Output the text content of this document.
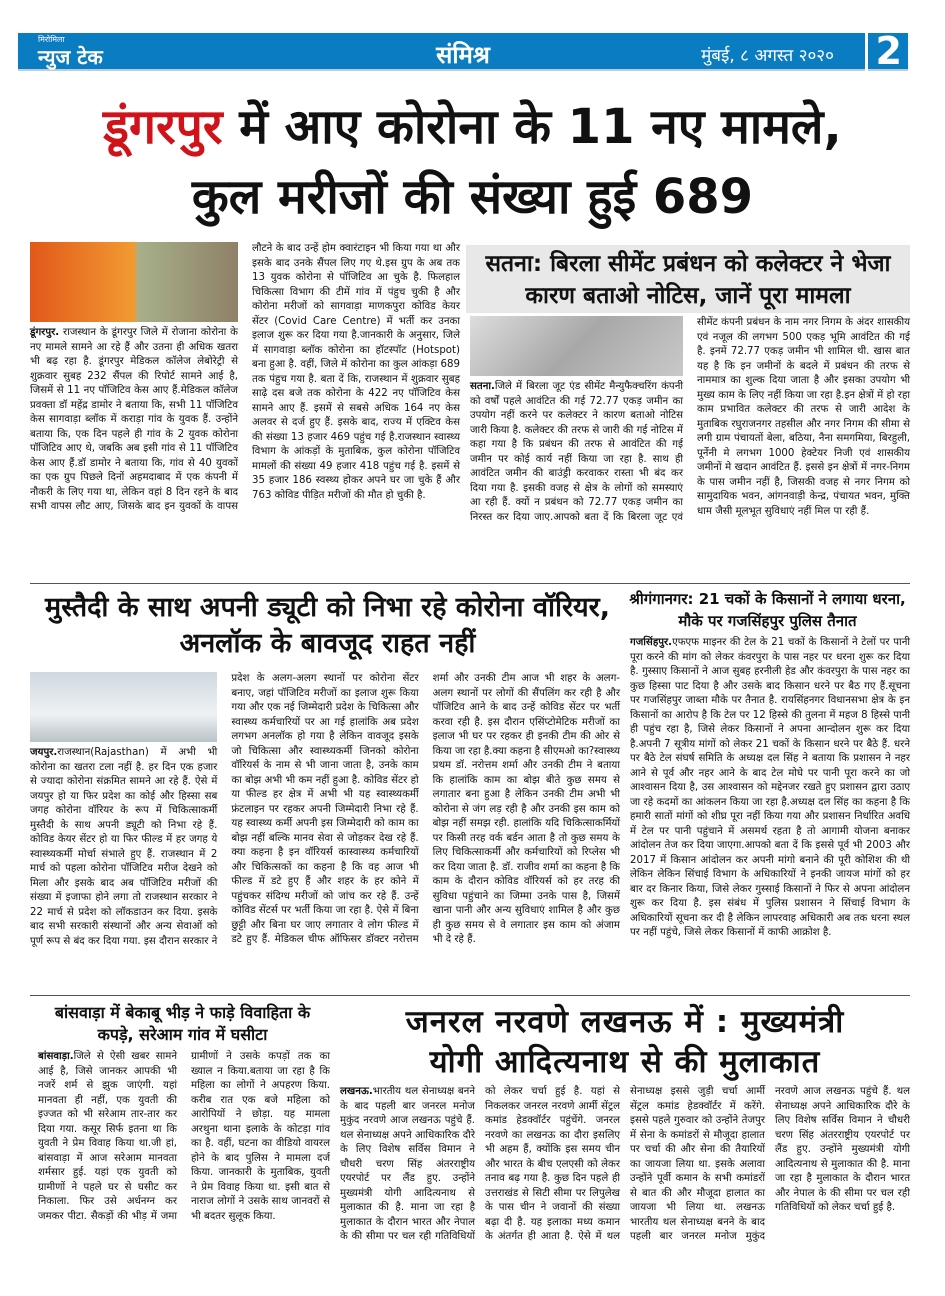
मिरोमिला
न्युज टेक	संमिश्र	मुंबई, ८ अगस्त २०२० 2
डूंगरपुर में आए कोरोना के 11 नए मामले,
कुल मरीजों की संख्या हुई 689
डूंगरपुर. राजस्थान के डूंगरपुर जिले में रोजाना कोरोना के नए मामले सामने आ रहे हैं और उतना ही अधिक खतरा भी बढ़ रहा है. डूंगरपुर मेडिकल कॉलेज लेबोरेट्री से शुक्रवार सुबह 232 सैंपल की रिपोर्ट सामने आई है, जिसमें से 11 नए पॉजिटिव केस आए हैं.मेडिकल कॉलेज प्रवक्ता डॉ महेंद्र डामोर ने बताया कि, सभी 11 पॉजिटिव केस सागवाड़ा ब्लॉक में कराड़ा गांव के युवक हैं. उन्होंने बताया कि, एक दिन पहले ही गांव के 2 युवक कोरोना पॉजिटिव आए थे, जबकि अब इसी गांव से 11 पॉजिटिव केस आए हैं.डॉ डामोर ने बताया कि, गांव से 40 युवकों का एक ग्रुप पिछले दिनों अहमदाबाद में एक कंपनी में नौकरी के लिए गया था, लेकिन वहां 8 दिन रहने के बाद सभी वापस लौट आए, जिसके बाद इन युवकों के वापस लौटने के बाद उन्हें होम क्वारंटाइन भी किया गया था और इसके बाद उनके सैंपल लिए गए थे.इस ग्रुप के अब तक 13 युवक कोरोना से पॉजिटिव आ चुके है. फिलहाल चिकित्सा विभाग की टीमें गांव में पंहुच चुकी है और कोरोना मरीजों को सागवाड़ा माणकपुरा कोविड केयर सेंटर (Covid Care Centre) में भर्ती कर उनका इलाज शुरू कर दिया गया है.जानकारी के अनुसार, जिले में सागवाड़ा ब्लॉक कोरोना का हॉटस्पॉट (Hotspot) बना हुआ है. वहीं, जिले में कोरोना का कुल आंकड़ा 689 तक पंहुच गया है. बता दें कि, राजस्थान में शुक्रवार सुबह साढ़े दस बजे तक कोरोना के 422 नए पॉजिटिव केस सामने आए हैं. इसमें से सबसे अधिक 164 नए केस अलवर से दर्ज हुए हैं. इसके बाद, राज्य में एक्टिव केस की संख्या 13 हजार 469 पहुंच गई है.राजस्थान स्वास्थ्य विभाग के आंकड़ों के मुताबिक, कुल कोरोना पॉजिटिव मामलों की संख्या 49 हजार 418 पहुंच गई है. इसमें से 35 हजार 186 स्वस्थ्य होकर अपने घर जा चुके हैं और 763 कोविड पीड़ित मरीजों की मौत हो चुकी है.
सतना: बिरला सीमेंट प्रबंधन को कलेक्टर ने भेजा कारण बताओ नोटिस, जानें पूरा मामला
सतना.जिले में बिरला जूट एंड सीमेंट मैन्युफैक्चरिंग कंपनी को वर्षों पहले आवंटित की गई 72.77 एकड़ जमीन का उपयोग नहीं करने पर कलेक्टर ने कारण बताओ नोटिस जारी किया है. कलेक्टर की तरफ से जारी की गई नोटिस में कहा गया है कि प्रबंधन की तरफ से आवंटित की गई जमीन पर कोई कार्य नहीं किया जा रहा है. साथ ही आवंटित जमीन की बाउंड्री करवाकर रास्ता भी बंद कर दिया गया है. इसकी वजह से क्षेत्र के लोगों को समस्याएं आ रही हैं. क्यों न प्रबंधन को 72.77 एकड़ जमीन का निरस्त कर दिया जाए.आपको बता दें कि बिरला जूट एवं सीमेंट कंपनी प्रबंधन के नाम नगर निगम के अंदर शासकीय एवं नजूल की लगभग 500 एकड़ भूमि आवंटित की गई है. इनमें 72.77 एकड़ जमीन भी शामिल थी. खास बात यह है कि इन जमीनों के बदले में प्रबंधन की तरफ से नाममात्र का शुल्क दिया जाता है और इसका उपयोग भी मुख्य काम के लिए नहीं किया जा रहा है.इन क्षेत्रों में हो रहा काम प्रभावित कलेक्टर की तरफ से जारी आदेश के मुताबिक रघुराजनगर तहसील और नगर निगम की सीमा से लगी ग्राम पंचायतों बेला, बठिया, नैना समगमिया, बिरहुली, पूर्नेनी मे लगभग 1000 हेक्टेयर निजी एवं शासकीय जमीनों मे खदान आवंटित हैं. इससे इन क्षेत्रों में नगर-निगम के पास जमीन नहीं है, जिसकी वजह से नगर निगम को सामुदायिक भवन, आंगनवाड़ी केन्द्र, पंचायत भवन, मुक्ति धाम जैसी मूलभूत सुविधाएं नहीं मिल पा रही हैं.
मुस्तैदी के साथ अपनी ड्यूटी को निभा रहे कोरोना वॉरियर, अनलॉक के बावजूद राहत नहीं
जयपुर.राजस्थान(Rajasthan) में अभी भी कोरोना का खतरा टला नहीं है. हर दिन एक हजार से ज्यादा कोरोना संक्रमित सामने आ रहे हैं. ऐसे में जयपुर हो या फिर प्रदेश का कोई और हिस्सा सब जगह कोरोना वॉरियर के रूप में चिकित्साकर्मी मुस्तैदी के साथ अपनी ड्यूटी को निभा रहे हैं. कोविड केयर सेंटर हो या फिर फील्ड में हर जगह ये स्वास्थ्यकर्मी मोर्चा संभाले हुए हैं. राजस्थान में 2 मार्च को पहला कोरोना पॉजिटिव मरीज देखने को मिला और इसके बाद अब पॉजिटिव मरीजों की संख्या में इजाफा होने लगा तो राजस्थान सरकार ने 22 मार्च से प्रदेश को लॉकडाउन कर दिया. इसके बाद सभी सरकारी संस्थानों और अन्य सेवाओं को पूर्ण रूप से बंद कर दिया गया. इस दौरान सरकार ने प्रदेश के अलग-अलग स्थानों पर कोरोना सेंटर बनाए, जहां पॉजिटिव मरीजों का इलाज शुरू किया गया और एक नई जिम्मेदारी प्रदेश के चिकित्सा और स्वास्थ्य कर्मचारियों पर आ गई हालांकि अब प्रदेश लगभग अनलॉक हो गया है लेकिन वावजूद इसके जो चिकित्सा और स्वास्थ्यकर्मी जिनको कोरोना वॉरियर्स के नाम से भी जाना जाता है, उनके काम का बोझ अभी भी कम नहीं हुआ है. कोविड सेंटर हो या फील्ड हर क्षेत्र में अभी भी यह स्वास्थ्यकर्मी फ्रंटलाइन पर रहकर अपनी जिम्मेदारी निभा रहे हैं. यह स्वास्थ्य कर्मी अपनी इस जिम्मेदारी को काम का बोझ नहीं बल्कि मानव सेवा से जोड़कर देख रहे हैं. क्या कहना है इन वॉरियर्स कास्वास्थ्य कर्मचारियों और चिकित्सकों का कहना है कि वह आज भी फील्ड में डटे हुए हैं और शहर के हर कोने में पहुंचकर संदिग्ध मरीजों को जांच कर रहे हैं. उन्हें कोविड सेंटर्स पर भर्ती किया जा रहा है. ऐसे में बिना छुट्टी और बिना घर जाए लगातार वे लोग फील्ड में डटे हुए हैं. मेडिकल चीफ ऑफिसर डॉक्टर नरोत्तम शर्मा और उनकी टीम आज भी शहर के अलग-अलग स्थानों पर लोगों की सैंपलिंग कर रही है और पॉजिटिव आने के बाद उन्हें कोविड सेंटर पर भर्ती करवा रही है. इस दौरान एसिंप्टोमेटिक मरीजों का इलाज भी घर पर रहकर ही इनकी टीम की ओर से किया जा रहा है.क्या कहना है सीएमओ का?स्वास्थ्य प्रथम डॉ. नरोत्तम शर्मा और उनकी टीम ने बताया कि हालांकि काम का बोझ बीते कुछ समय से लगातार बना हुआ है लेकिन उनकी टीम अभी भी कोरोना से जंग लड़ रही है और उनकी इस काम को बोझ नहीं समझ रही. हालांकि यदि चिकित्साकर्मियों पर किसी तरह वर्क बर्डन आता है तो कुछ समय के लिए चिकित्साकर्मी और कर्मचारियों को रिप्लेस भी कर दिया जाता है. डॉ. राजीव शर्मा का कहना है कि काम के दौरान कोविड वॉरियर्स को हर तरह की सुविधा पहुंचाने का जिम्मा उनके पास है, जिसमें खाना पानी और अन्य सुविधाएं शामिल है और कुछ ही कुछ समय से वे लगातार इस काम को अंजाम भी दे रहे हैं.
श्रीगंगानगर: 21 चकों के किसानों ने लगाया धरना, मौके पर गजसिंहपुर पुलिस तैनात
गजसिंहपुर.एफएफ माइनर की टेल के 21 चकों के किसानों ने टेलों पर पानी पूरा करने की मांग को लेकर कंवरपुरा के पास नहर पर धरना शुरू कर दिया है. गुस्साए किसानों ने आज सुबह हरनीली हेड और कंवरपुरा के पास नहर का कुछ हिस्सा पाट दिया है और उसके बाद किसान धरने पर बैठ गए हैं.सूचना पर गजसिंहपुर जाब्ता मौके पर तैनात है. रायसिंहनगर विधानसभा क्षेत्र के इन किसानों का आरोप है कि टेल पर 12 हिस्से की तुलना में महज 8 हिस्से पानी ही पहुंच रहा है, जिसे लेकर किसानों ने अपना आन्दोलन शुरू कर दिया है.अपनी 7 सूत्रीय मांगों को लेकर 21 चकों के किसान धरने पर बैठे हैं. धरने पर बैठे टेल संघर्ष समिति के अध्यक्ष दल सिंह ने बताया कि प्रशासन ने नहर आने से पूर्व और नहर आने के बाद टेल मोघे पर पानी पूरा करने का जो आश्वासन दिया है, उस आश्वासन को मद्देनजर रखते हुए प्रशासन द्वारा उठाए जा रहे कदमों का आंकलन किया जा रहा है.अध्यक्ष दल सिंह का कहना है कि हमारी सातों मांगों को शीघ्र पूरा नहीं किया गया और प्रशासन निर्धारित अवधि में टेल पर पानी पहुंचाने में असमर्थ रहता है तो आगामी योजना बनाकर आंदोलन तेज कर दिया जाएगा.आपको बता दें कि इससे पूर्व भी 2003 और 2017 में किसान आंदोलन कर अपनी मांगो बनाने की पूरी कोशिश की थी लेकिन लेकिन सिंचाई विभाग के अधिकारियों ने इनकी जायज मांगों को हर बार दर किनार किया, जिसे लेकर गुस्साई किसानों ने फिर से अपना आंदोलन शुरू कर दिया है. इस संबंध में पुलिस प्रशासन ने सिंचाई विभाग के अधिकारियों सूचना कर दी है लेकिन लापरवाह अधिकारी अब तक धरना स्थल पर नहीं पहुंचे, जिसे लेकर किसानों में काफी आक्रोश है.
बांसवाड़ा में बेकाबू भीड़ ने फाड़े विवाहिता के कपड़े, सरेआम गांव में घसीटा
बांसवाड़ा.जिले से ऐसी खबर सामने आई है, जिसे जानकर आपकी भी नजरें शर्म से झुक जाएंगी. यहां मानवता ही नहीं, एक युवती की इज्जत को भी सरेआम तार-तार कर दिया गया. कसूर सिर्फ इतना था कि युवती ने प्रेम विवाह किया था.जी हां, बांसवाड़ा में आज सरेआम मानवता शर्मसार हुई. यहां एक युवती को ग्रामीणों ने पहले घर से घसीट कर निकाला. फिर उसे अर्धनग्न कर जमकर पीटा. सैकड़ों की भीड़ में जमा ग्रामीणों ने उसके कपड़ों तक का ख्याल न किया.बताया जा रहा है कि महिला का लोगों ने अपहरण किया. करीब रात एक बजे महिला को आरोपियों ने छोड़ा. यह मामला अरथुना थाना इलाके के कोटड़ा गांव का है. वहीं, घटना का वीडियो वायरल होने के बाद पुलिस ने मामला दर्ज किया. जानकारी के मुताबिक, युवती ने प्रेम विवाह किया था. इसी बात से नाराज लोगों ने उसके साथ जानवरों से भी बदतर सुलूक किया.
जनरल नरवणे लखनऊ में : मुख्यमंत्री
योगी आदित्यनाथ से की मुलाकात
लखनऊ.भारतीय थल सेनाध्यक्ष बनने के बाद पहली बार जनरल मनोज मुकुंद नरवणे आज लखनऊ पहुंचे हैं. थल सेनाध्यक्ष अपने आधिकारिक दौरे के लिए विशेष सर्विस विमान ने चौधरी चरण सिंह अंतरराष्ट्रीय एयरपोर्ट पर लैंड हुए. उन्होंने मुख्यमंत्री योगी आदित्यनाथ से मुलाकात की है. माना जा रहा है मुलाकात के दौरान भारत और नेपाल के की सीमा पर चल रही गतिविधियों को लेकर चर्चा हुई है. यहां से निकलकर जनरल नरवणे आर्मी सेंट्रल कमांड हेडक्वॉर्टर पहुंचेंगे. जनरल नरवणे का लखनऊ का दौरा इसलिए भी अहम हैं, क्योंकि इस समय चीन और भारत के बीच एलएसी को लेकर तनाव बढ़ गया है. कुछ दिन पहले ही उत्तराखंड से सिटी सीमा पर लिपुलेख के पास चीन ने जवानों की संख्या बढ़ा दी है. यह इलाका मध्य कमान के अंतर्गत ही आता है. ऐसे में थल सेनाध्यक्ष इससे जुड़ी चर्चा आर्मी सेंट्रल कमांड हेडक्वॉर्टर में करेंगे. इससे पहले गुरुवार को उन्होंने तेजपुर में सेना के कमांडरों से मौजूदा हालात पर चर्चा की और सेना की तैयारियों का जायजा लिया था. इसके अलावा उन्होंने पूर्वी कमान के सभी कमांडरों से बात की और मौजूदा हालात का जायजा भी लिया था. लखनऊ भारतीय थल सेनाध्यक्ष बनने के बाद पहली बार जनरल मनोज मुकुंद नरवणे आज लखनऊ पहुंचे हैं. थल सेनाध्यक्ष अपने आधिकारिक दौरे के लिए विशेष सर्विस विमान ने चौधरी चरण सिंह अंतरराष्ट्रीय एयरपोर्ट पर लैंड हुए. उन्होंने मुख्यमंत्री योगी आदित्यनाथ से मुलाकात की है. माना जा रहा है मुलाकात के दौरान भारत और नेपाल के की सीमा पर चल रही गतिविधियों को लेकर चर्चा हुई है.
